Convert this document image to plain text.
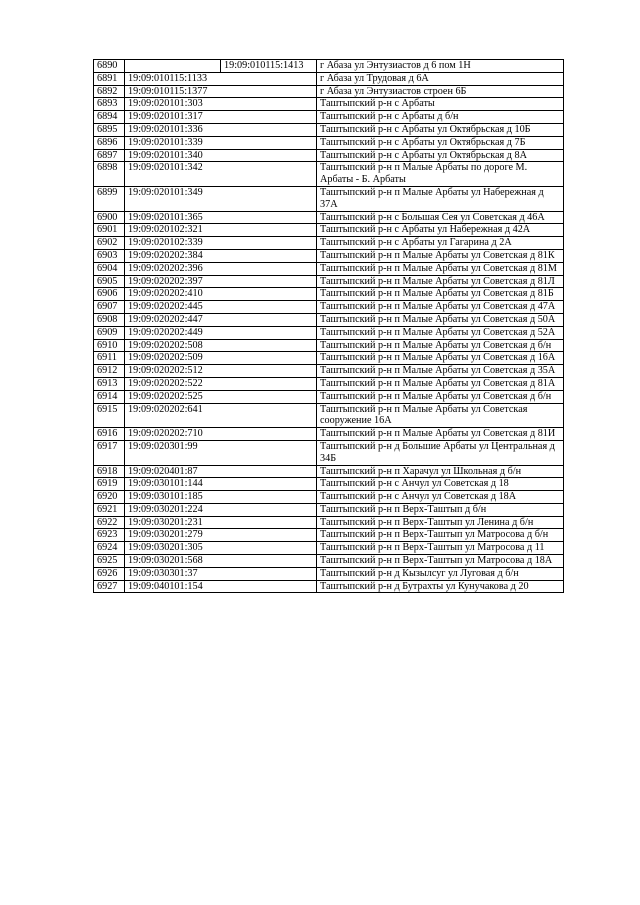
6890		19:09:010115:1413	г Абаза ул Энтузиастов д 6 пом 1Н
6891	19:09:010115:1133		г Абаза ул Трудовая д 6А
6892	19:09:010115:1377		г Абаза ул Энтузиастов строен 6Б
6893	19:09:020101:303		Таштыпский р-н с Арбаты
6894	19:09:020101:317		Таштыпский р-н с Арбаты д б/н
6895	19:09:020101:336		Таштыпский р-н с Арбаты ул Октябрьская д 10Б
6896	19:09:020101:339		Таштыпский р-н с Арбаты ул Октябрьская д 7Б
6897	19:09:020101:340		Таштыпский р-н с Арбаты ул Октябрьская д 8А
6898	19:09:020101:342		Таштыпский р-н п Малые Арбаты по дороге М. Арбаты - Б. Арбаты
6899	19:09:020101:349		Таштыпский р-н п Малые Арбаты ул Набережная д 37А
6900	19:09:020101:365		Таштыпский р-н с Большая Сея ул Советская д 46А
6901	19:09:020102:321		Таштыпский р-н с Арбаты ул Набережная д 42А
6902	19:09:020102:339		Таштыпский р-н с Арбаты ул Гагарина д 2А
6903	19:09:020202:384		Таштыпский р-н п Малые Арбаты ул Советская д 81К
6904	19:09:020202:396		Таштыпский р-н п Малые Арбаты ул Советская д 81М
6905	19:09:020202:397		Таштыпский р-н п Малые Арбаты ул Советская д 81Л
6906	19:09:020202:410		Таштыпский р-н п Малые Арбаты ул Советская д 81Б
6907	19:09:020202:445		Таштыпский р-н п Малые Арбаты ул Советская д 47А
6908	19:09:020202:447		Таштыпский р-н п Малые Арбаты ул Советская д 50А
6909	19:09:020202:449		Таштыпский р-н п Малые Арбаты ул Советская д 52А
6910	19:09:020202:508		Таштыпский р-н п Малые Арбаты ул Советская д б/н
6911	19:09:020202:509		Таштыпский р-н п Малые Арбаты ул Советская д 16А
6912	19:09:020202:512		Таштыпский р-н п Малые Арбаты ул Советская д 35А
6913	19:09:020202:522		Таштыпский р-н п Малые Арбаты ул Советская д 81А
6914	19:09:020202:525		Таштыпский р-н п Малые Арбаты ул Советская д б/н
6915	19:09:020202:641		Таштыпский р-н п Малые Арбаты ул Советская сооружение 16А
6916	19:09:020202:710		Таштыпский р-н п Малые Арбаты ул Советская д 81И
6917	19:09:020301:99		Таштыпский р-н д Большие Арбаты ул Центральная д 34Б
6918	19:09:020401:87		Таштыпский р-н п Харачул ул Школьная д б/н
6919	19:09:030101:144		Таштыпский р-н с Анчул ул Советская д 18
6920	19:09:030101:185		Таштыпский р-н с Анчул ул Советская д 18А
6921	19:09:030201:224		Таштыпский р-н п Верх-Таштып д б/н
6922	19:09:030201:231		Таштыпский р-н п Верх-Таштып ул Ленина д б/н
6923	19:09:030201:279		Таштыпский р-н п Верх-Таштып ул Матросова д б/н
6924	19:09:030201:305		Таштыпский р-н п Верх-Таштып ул Матросова д 11
6925	19:09:030201:568		Таштыпский р-н п Верх-Таштып ул Матросова д 18А
6926	19:09:030301:37		Таштыпский р-н д Кызылсуг ул Луговая д б/н
6927	19:09:040101:154		Таштыпский р-н д Бутрахты ул Кунучакова д 20
